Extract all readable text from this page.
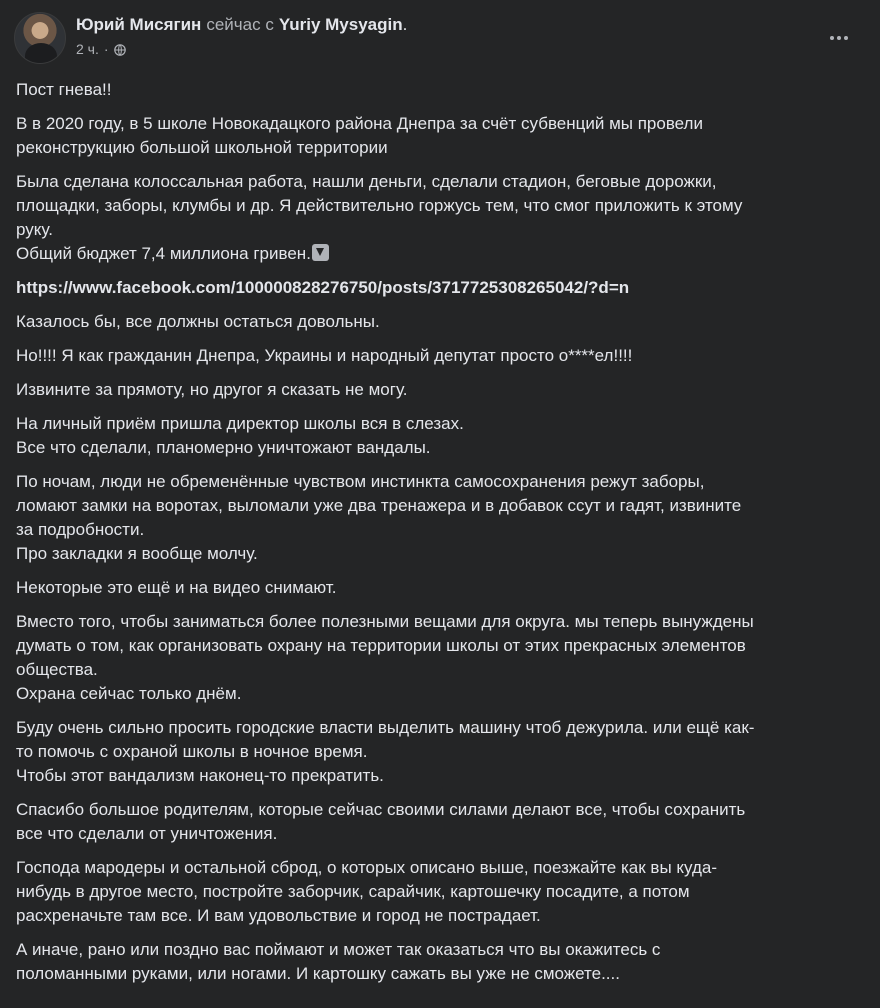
Юрий Мисягин сейчас с Yuriy Mysyagin.
2 ч. ·

Пост гнева!!

В в 2020 году, в 5 школе Новокадацкого района Днепра за счёт субвенций мы провели
реконструкцию большой школьной территории

Была сделана колоссальная работа, нашли деньги, сделали стадион, беговые дорожки,
площадки, заборы, клумбы и др. Я действительно горжусь тем, что смог приложить к этому
руку.

Общий бюджет 7,4 миллиона гривен.

https://www.facebook.com/100000828276750/posts/3717725308265042/?d=n

Казалось бы, все должны остаться довольны.

Но!!!! Я как гражданин Днепра, Украины и народный депутат просто о****ел!!!!

Извините за прямоту, но другог я сказать не могу.

На личный приём пришла директор школы вся в слезах.
Все что сделали, планомерно уничтожают вандалы.

По ночам, люди не обременённые чувством инстинкта самосохранения режут заборы,
ломают замки на воротах, выломали уже два тренажера и в добавок ссут и гадят, извините
за подробности.
Про закладки я вообще молчу.

Некоторые это ещё и на видео снимают.

Вместо того, чтобы заниматься более полезными вещами для округа. мы теперь вынуждены
думать о том, как организовать охрану на территории школы от этих прекрасных элементов
общества.
Охрана сейчас только днём.

Буду очень сильно просить городские власти выделить машину чтоб дежурила. или ещё как-
то помочь с охраной школы в ночное время.
Чтобы этот вандализм наконец-то прекратить.

Спасибо большое родителям, которые сейчас своими силами делают все, чтобы сохранить
все что сделали от уничтожения.

Господа мародеры и остальной сброд, о которых описано выше, поезжайте как вы куда-
нибудь в другое место, постройте заборчик, сарайчик, картошечку посадите, а потом
расхреначьте там все. И вам удовольствие и город не пострадает.

А иначе, рано или поздно вас поймают и может так оказаться что вы окажитесь с
поломанными руками, или ногами. И картошку сажать вы уже не сможете....
